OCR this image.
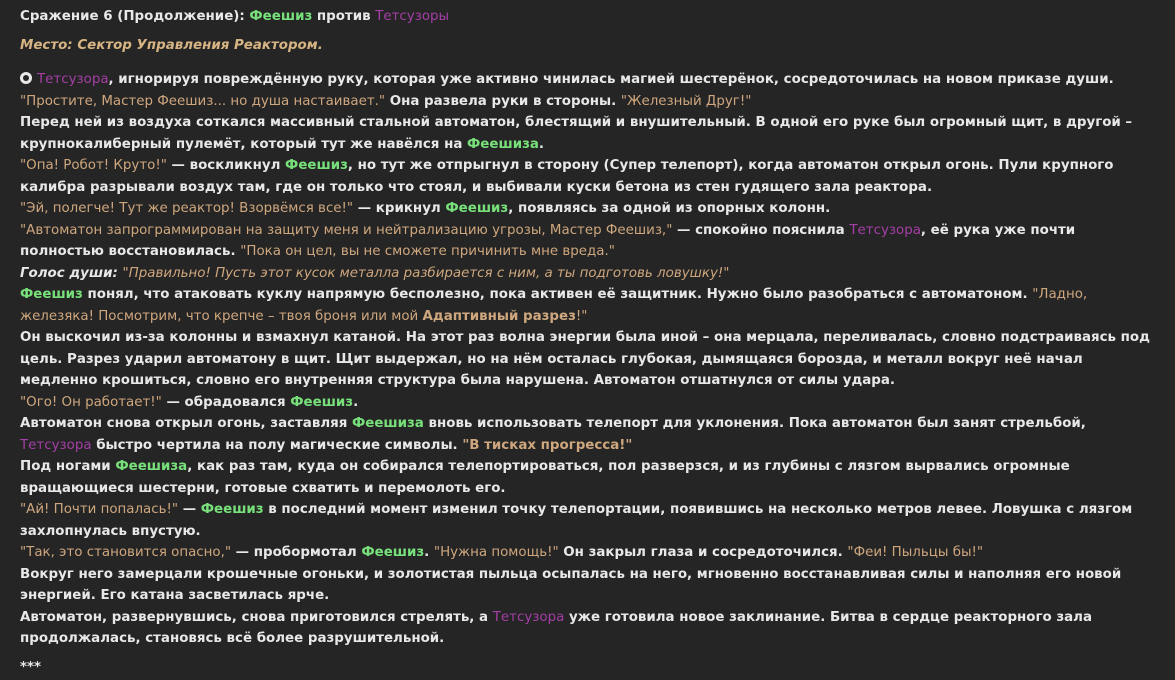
Сражение 6 (Продолжение): Феешиз против Тетсузоры

Место: Сектор Управления Реактором.

Тетсузора, игнорируя повреждённую руку, которая уже активно чинилась магией шестерёнок, сосредоточилась на новом приказе души. "Простите, Мастер Феешиз... но душа настаивает." Она развела руки в стороны. "Железный Друг!"

Перед ней из воздуха соткался массивный стальной автоматон, блестящий и внушительный. В одной его руке был огромный щит, в другой – крупнокалиберный пулемёт, который тут же навёлся на Феешиза.

"Опа! Робот! Круто!" — воскликнул Феешиз, но тут же отпрыгнул в сторону (Супер телепорт), когда автоматон открыл огонь. Пули крупного калибра разрывали воздух там, где он только что стоял, и выбивали куски бетона из стен гудящего зала реактора.

"Эй, полегче! Тут же реактор! Взорвёмся все!" — крикнул Феешиз, появляясь за одной из опорных колонн.

"Автоматон запрограммирован на защиту меня и нейтрализацию угрозы, Мастер Феешиз," — спокойно пояснила Тетсузора, её рука уже почти полностью восстановилась. "Пока он цел, вы не сможете причинить мне вреда."

Голос души: "Правильно! Пусть этот кусок металла разбирается с ним, а ты подготовь ловушку!"

Феешиз понял, что атаковать куклу напрямую бесполезно, пока активен её защитник. Нужно было разобраться с автоматоном. "Ладно, железяка! Посмотрим, что крепче – твоя броня или мой Адаптивный разрез!"

Он выскочил из-за колонны и взмахнул катаной. На этот раз волна энергии была иной – она мерцала, переливалась, словно подстраиваясь под цель. Разрез ударил автоматону в щит. Щит выдержал, но на нём осталась глубокая, дымящаяся борозда, и металл вокруг неё начал медленно крошиться, словно его внутренняя структура была нарушена. Автоматон отшатнулся от силы удара.

"Ого! Он работает!" — обрадовался Феешиз.

Автоматон снова открыл огонь, заставляя Феешиза вновь использовать телепорт для уклонения. Пока автоматон был занят стрельбой, Тетсузора быстро чертила на полу магические символы. "В тисках прогресса!"

Под ногами Феешиза, как раз там, куда он собирался телепортироваться, пол разверзся, и из глубины с лязгом вырвались огромные вращающиеся шестерни, готовые схватить и перемолоть его.

"Ай! Почти попалась!" — Феешиз в последний момент изменил точку телепортации, появившись на несколько метров левее. Ловушка с лязгом захлопнулась впустую.

"Так, это становится опасно," — пробормотал Феешиз. "Нужна помощь!" Он закрыл глаза и сосредоточился. "Феи! Пыльцы бы!"

Вокруг него замерцали крошечные огоньки, и золотистая пыльца осыпалась на него, мгновенно восстанавливая силы и наполняя его новой энергией. Его катана засветилась ярче.

Автоматон, развернувшись, снова приготовился стрелять, а Тетсузора уже готовила новое заклинание. Битва в сердце реакторного зала продолжалась, становясь всё более разрушительной.

***
